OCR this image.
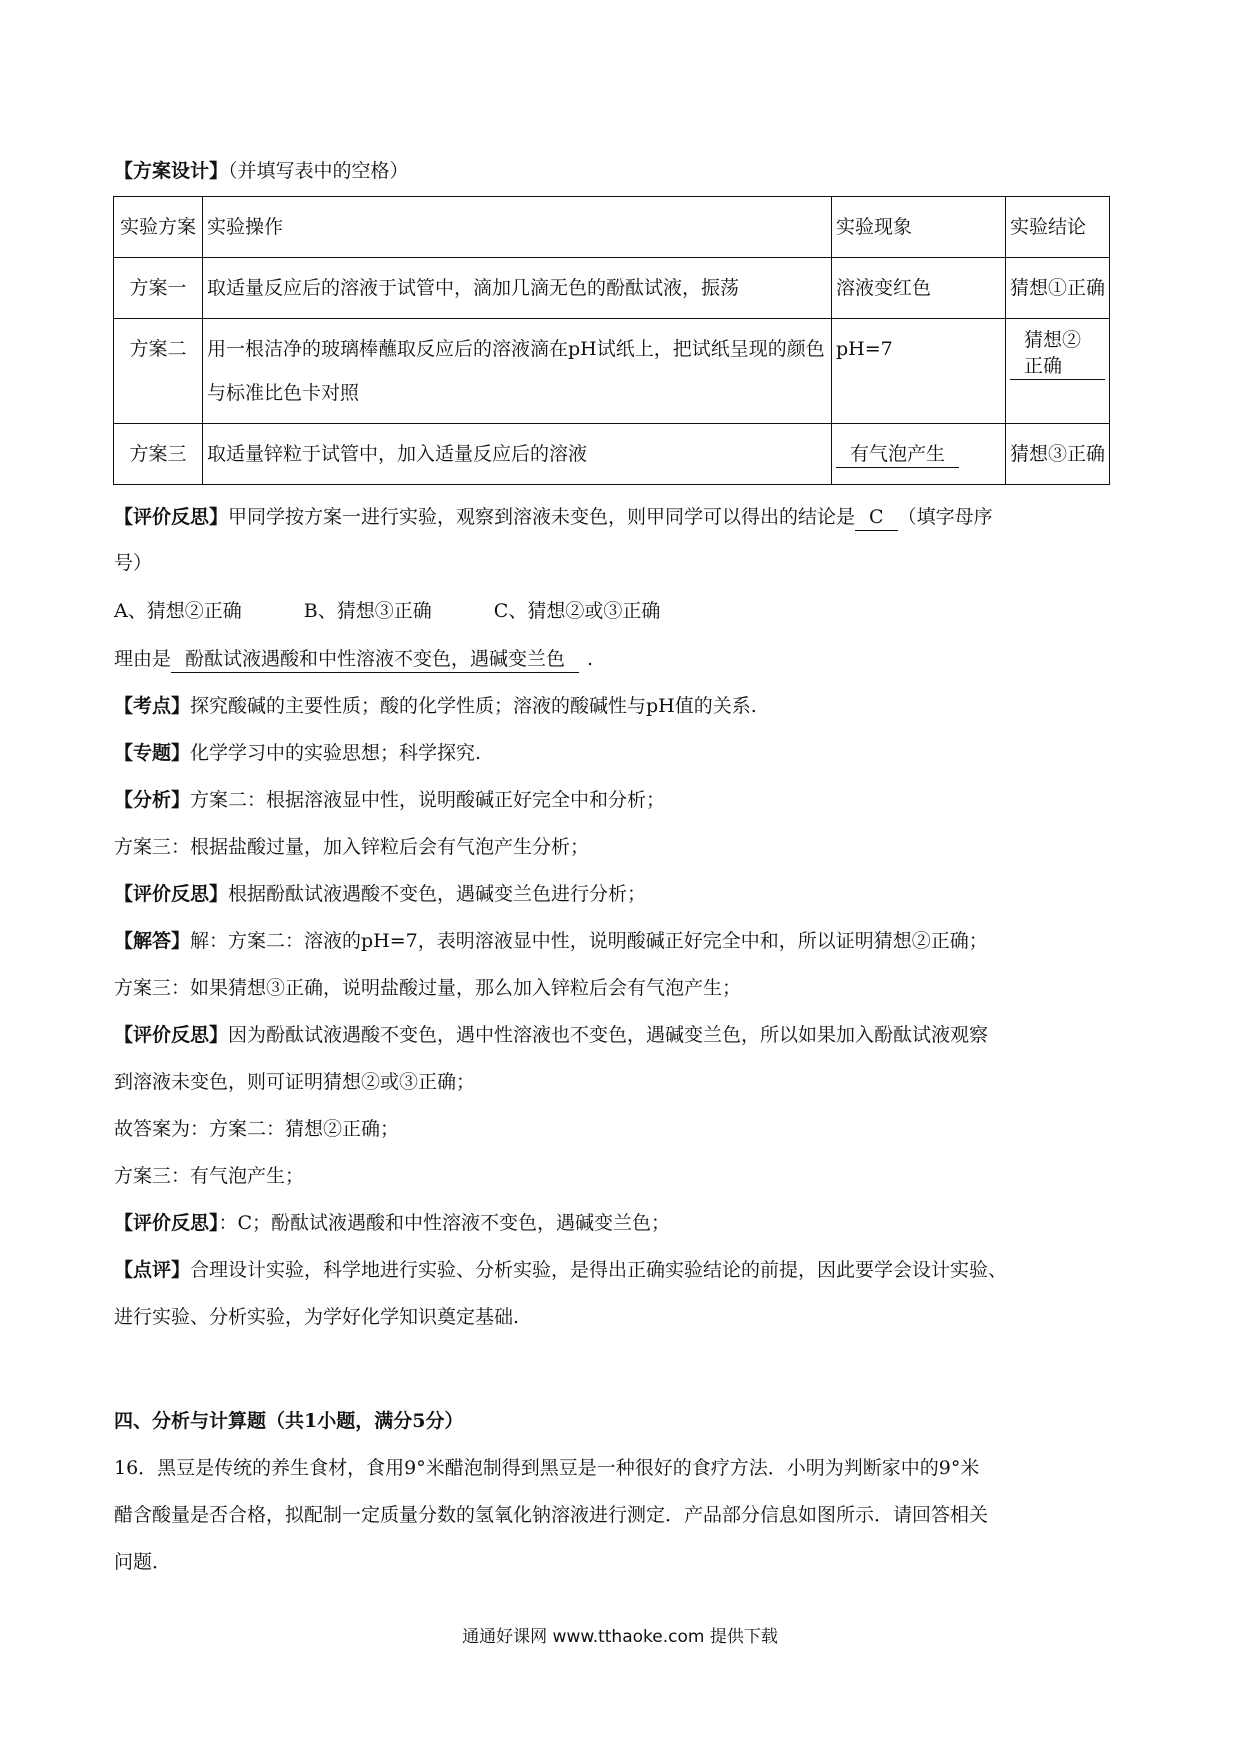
【方案设计】（并填写表中的空格）
实验方案	实验操作	实验现象	实验结论
方案一	取适量反应后的溶液于试管中，滴加几滴无色的酚酞试液，振荡	溶液变红色	猜想①正确
方案二	用一根洁净的玻璃棒蘸取反应后的溶液滴在pH试纸上，把试纸呈现的颜色与标准比色卡对照	pH=7	猜想②正确
方案三	取适量锌粒于试管中，加入适量反应后的溶液	有气泡产生	猜想③正确
【评价反思】甲同学按方案一进行实验，观察到溶液未变色，则甲同学可以得出的结论是 C （填字母序
号）
A、猜想②正确	B、猜想③正确	C、猜想②或③正确
理由是 酚酞试液遇酸和中性溶液不变色，遇碱变兰色 .
【考点】探究酸碱的主要性质；酸的化学性质；溶液的酸碱性与pH值的关系.
【专题】化学学习中的实验思想；科学探究.
【分析】方案二：根据溶液显中性，说明酸碱正好完全中和分析；
方案三：根据盐酸过量，加入锌粒后会有气泡产生分析；
【评价反思】根据酚酞试液遇酸不变色，遇碱变兰色进行分析；
【解答】解：方案二：溶液的pH=7，表明溶液显中性，说明酸碱正好完全中和，所以证明猜想②正确；
方案三：如果猜想③正确，说明盐酸过量，那么加入锌粒后会有气泡产生；
【评价反思】因为酚酞试液遇酸不变色，遇中性溶液也不变色，遇碱变兰色，所以如果加入酚酞试液观察
到溶液未变色，则可证明猜想②或③正确；
故答案为：方案二：猜想②正确；
方案三：有气泡产生；
【评价反思】：C；酚酞试液遇酸和中性溶液不变色，遇碱变兰色；
【点评】合理设计实验，科学地进行实验、分析实验，是得出正确实验结论的前提，因此要学会设计实验、
进行实验、分析实验，为学好化学知识奠定基础.
四、分析与计算题（共1小题，满分5分）
16．黑豆是传统的养生食材，食用9°米醋泡制得到黑豆是一种很好的食疗方法．小明为判断家中的9°米
醋含酸量是否合格，拟配制一定质量分数的氢氧化钠溶液进行测定．产品部分信息如图所示．请回答相关
问题．
通通好课网 www.tthaoke.com 提供下载
